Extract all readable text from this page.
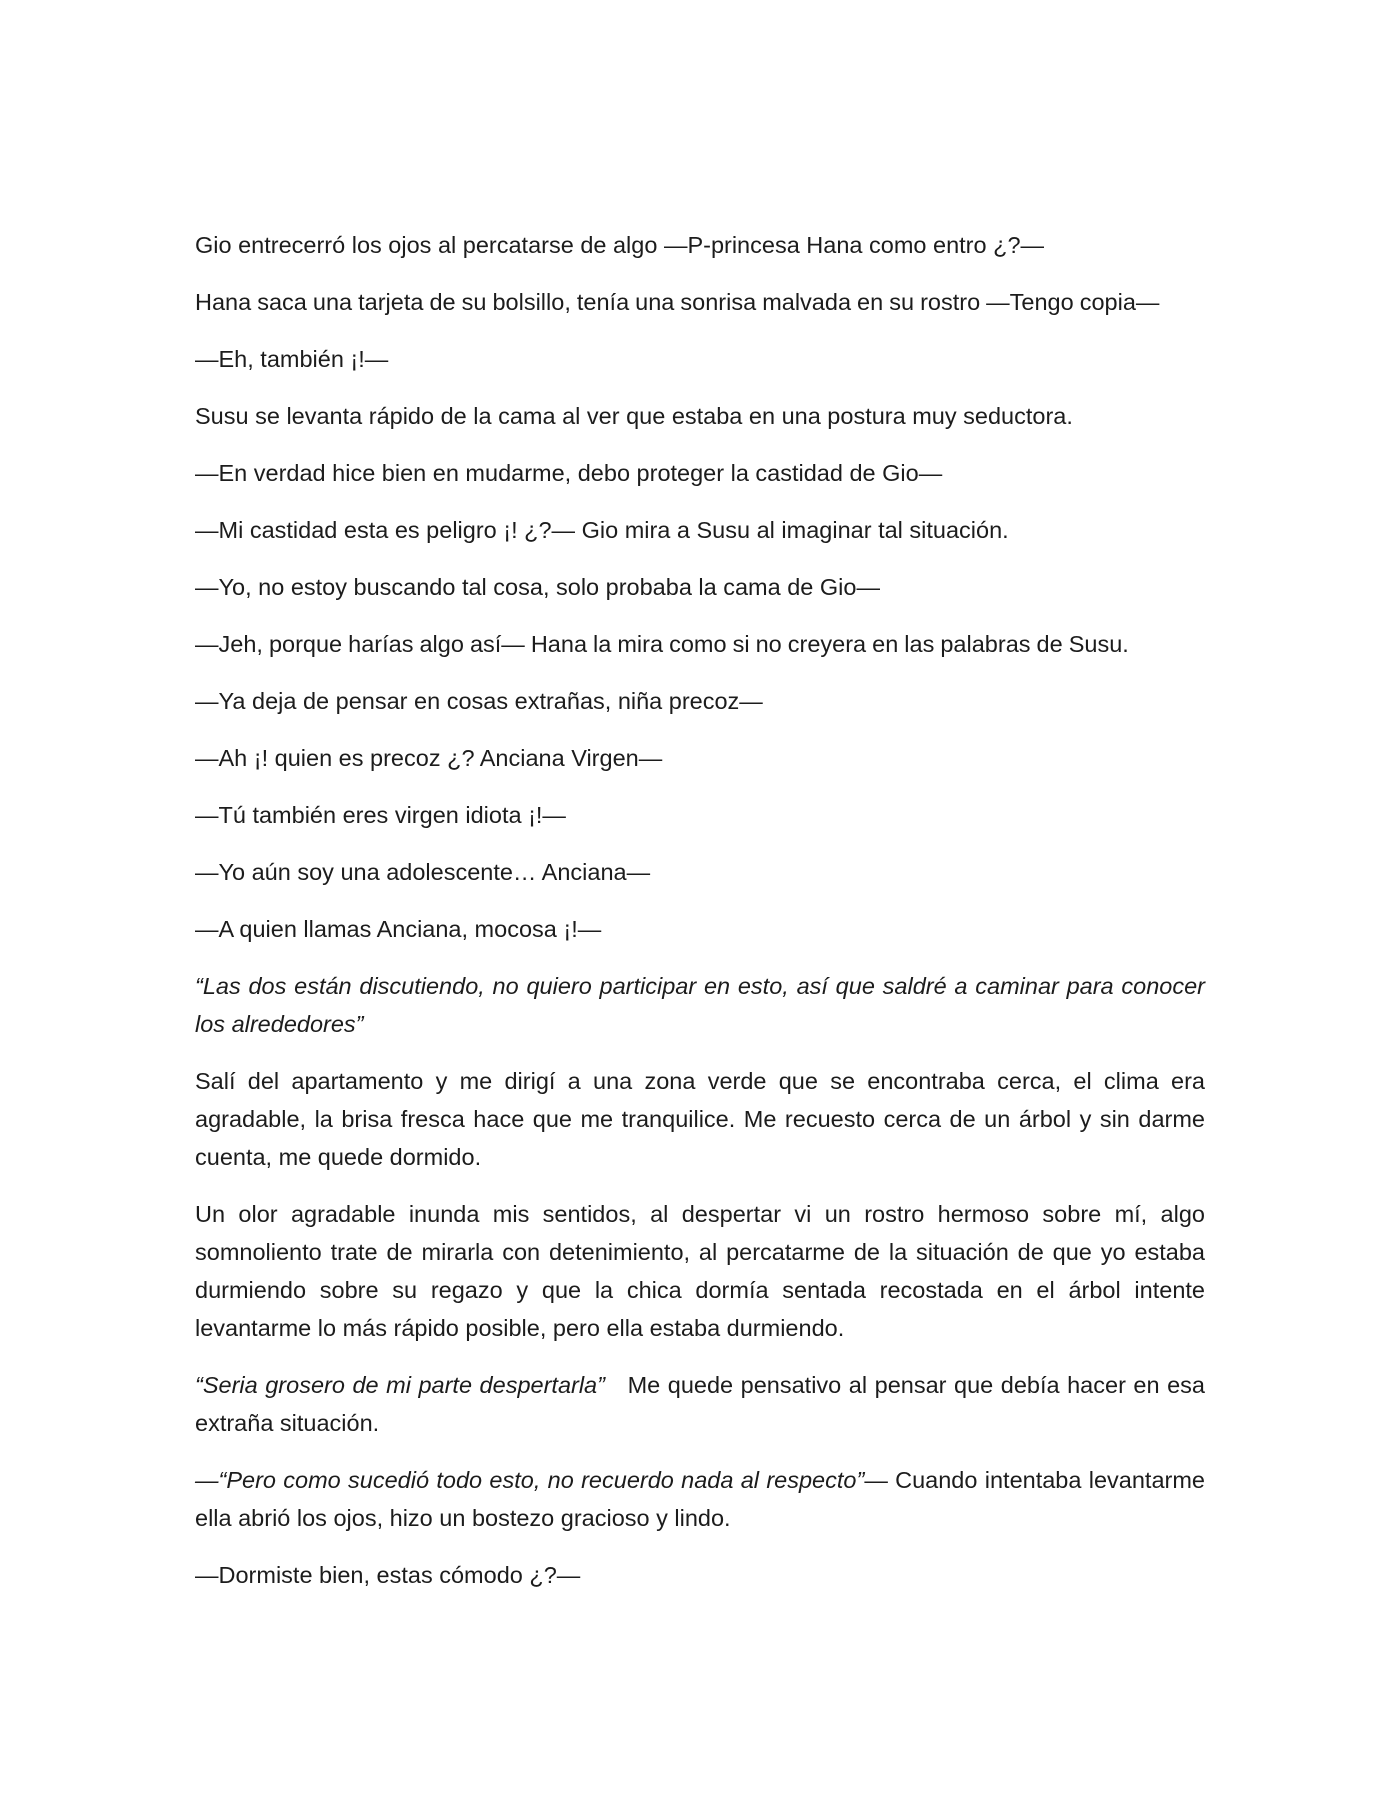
Gio entrecerró los ojos al percatarse de algo —P-princesa Hana como entro ¿?—

Hana saca una tarjeta de su bolsillo, tenía una sonrisa malvada en su rostro —Tengo copia—

—Eh, también ¡!—

Susu se levanta rápido de la cama al ver que estaba en una postura muy seductora.

—En verdad hice bien en mudarme, debo proteger la castidad de Gio—

—Mi castidad esta es peligro ¡! ¿?— Gio mira a Susu al imaginar tal situación.

—Yo, no estoy buscando tal cosa, solo probaba la cama de Gio—

—Jeh, porque harías algo así— Hana la mira como si no creyera en las palabras de Susu.

—Ya deja de pensar en cosas extrañas, niña precoz—

—Ah ¡! quien es precoz ¿? Anciana Virgen—

—Tú también eres virgen idiota ¡!—

—Yo aún soy una adolescente… Anciana—

—A quien llamas Anciana, mocosa ¡!—

“Las dos están discutiendo, no quiero participar en esto, así que saldré a caminar para conocer los alrededores”

Salí del apartamento y me dirigí a una zona verde que se encontraba cerca, el clima era agradable, la brisa fresca hace que me tranquilice. Me recuesto cerca de un árbol y sin darme cuenta, me quede dormido.

Un olor agradable inunda mis sentidos, al despertar vi un rostro hermoso sobre mí, algo somnoliento trate de mirarla con detenimiento, al percatarme de la situación de que yo estaba durmiendo sobre su regazo y que la chica dormía sentada recostada en el árbol intente levantarme lo más rápido posible, pero ella estaba durmiendo.

“Seria grosero de mi parte despertarla”   Me quede pensativo al pensar que debía hacer en esa extraña situación.

—“Pero como sucedió todo esto, no recuerdo nada al respecto”— Cuando intentaba levantarme ella abrió los ojos, hizo un bostezo gracioso y lindo.

—Dormiste bien, estas cómodo ¿?—
